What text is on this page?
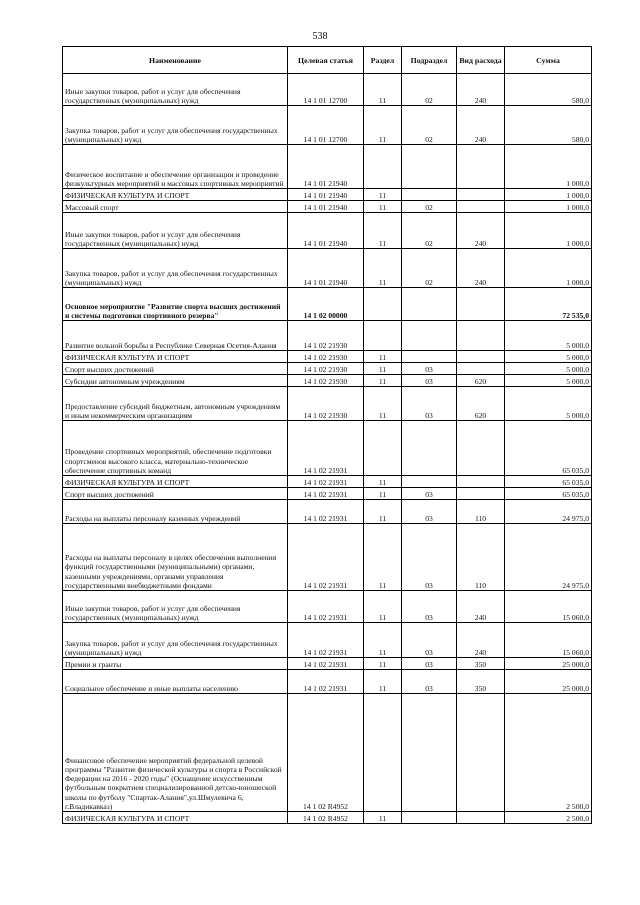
538
Наименование	Целевая статья	Раздел	Подраздел	Вид расхода	Сумма
Иные закупки товаров, работ и услуг для обеспечения государственных (муниципальных) нужд	14 1 01 12700	11	02	240	580,0
Закупка товаров, работ и услуг для обеспечения государственных (муниципальных) нужд	14 1 01 12700	11	02	240	580,0
Физическое воспитание и обеспечение организации и проведение физкультурных мероприятий и массовых спортивных мероприятий	14 1 01 21940				1 000,0
ФИЗИЧЕСКАЯ КУЛЬТУРА И СПОРТ	14 1 01 21940	11			1 000,0
Массовый спорт	14 1 01 21940	11	02		1 000,0
Иные закупки товаров, работ и услуг для обеспечения государственных (муниципальных) нужд	14 1 01 21940	11	02	240	1 000,0
Закупка товаров, работ и услуг для обеспечения государственных (муниципальных) нужд	14 1 01 21940	11	02	240	1 000,0
Основное мероприятие "Развитие спорта высших достижений и системы подготовки спортивного резерва"	14 1 02 00000				72 535,0
Развитие вольной борьбы в Республике Северная Осетия-Алания	14 1 02 21930				5 000,0
ФИЗИЧЕСКАЯ КУЛЬТУРА И СПОРТ	14 1 02 21930	11			5 000,0
Спорт высших достижений	14 1 02 21930	11	03		5 000,0
Субсидии автономным учреждениям	14 1 02 21930	11	03	620	5 000,0
Предоставление субсидий бюджетным, автономным учреждениям и иным некоммерческим организациям	14 1 02 21930	11	03	620	5 000,0
Проведение спортивных мероприятий, обеспечение подготовки спортсменов высокого класса, материально-техническое обеспечение спортивных команд	14 1 02 21931				65 035,0
ФИЗИЧЕСКАЯ КУЛЬТУРА И СПОРТ	14 1 02 21931	11			65 035,0
Спорт высших достижений	14 1 02 21931	11	03		65 035,0
Расходы на выплаты персоналу казенных учреждений	14 1 02 21931	11	03	110	24 975,0
Расходы на выплаты персоналу в целях обеспечения выполнения функций государственными (муниципальными) органами, казенными учреждениями, органами управления государственными внебюджетными фондами	14 1 02 21931	11	03	110	24 975,0
Иные закупки товаров, работ и услуг для обеспечения государственных (муниципальных) нужд	14 1 02 21931	11	03	240	15 060,0
Закупка товаров, работ и услуг для обеспечения государственных (муниципальных) нужд	14 1 02 21931	11	03	240	15 060,0
Премии и гранты	14 1 02 21931	11	03	350	25 000,0
Социальное обеспечение и иные выплаты населению	14 1 02 21931	11	03	350	25 000,0
Финансовое обеспечение мероприятий федеральной целевой программы "Развитие физической культуры и спорта в Российской Федерации на 2016 - 2020 годы" (Оснащение искусственным футбольным покрытием специализированной детско-юношеской школы по футболу "Спартак-Алания",ул.Шмулевича 6, г.Владикавказ)	14 1 02 R4952				2 500,0
ФИЗИЧЕСКАЯ КУЛЬТУРА И СПОРТ	14 1 02 R4952	11			2 500,0
